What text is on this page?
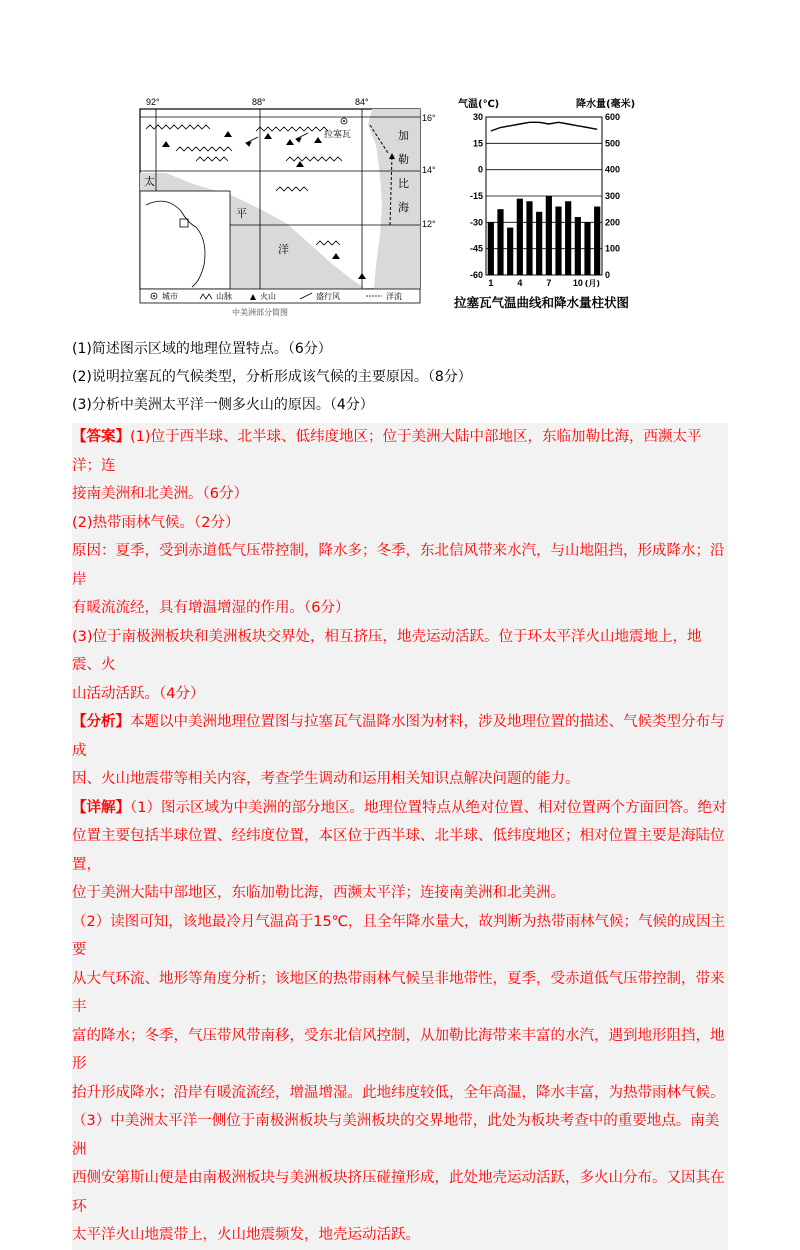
92°	88°	84°
16°
14°
12°
拉塞瓦	加
勒
比
海
太
平
洋
城市	山脉	火山	盛行风	洋流
中美洲部分简图
气温(℃)	降水量(毫米)
30
15
0
-15
-30
-45
-60
600
500
400
300
200
100
0
1	4	7 10 (月)
拉塞瓦气温曲线和降水量柱状图

(1)简述图示区域的地理位置特点。（6分）

(2)说明拉塞瓦的气候类型，分析形成该气候的主要原因。（8分）

(3)分析中美洲太平洋一侧多火山的原因。（4分）

【答案】(1)位于西半球、北半球、低纬度地区；位于美洲大陆中部地区，东临加勒比海，西濒太平洋；连

接南美洲和北美洲。（6分）

(2)热带雨林气候。（2分）

原因：夏季，受到赤道低气压带控制，降水多；冬季，东北信风带来水汽，与山地阻挡，形成降水；沿岸

有暖流流经，具有增温增湿的作用。（6分）

(3)位于南极洲板块和美洲板块交界处，相互挤压，地壳运动活跃。位于环太平洋火山地震地上，地震、火

山活动活跃。（4分）

【分析】本题以中美洲地理位置图与拉塞瓦气温降水图为材料，涉及地理位置的描述、气候类型分布与成

因、火山地震带等相关内容，考查学生调动和运用相关知识点解决问题的能力。

【详解】（1）图示区域为中美洲的部分地区。地理位置特点从绝对位置、相对位置两个方面回答。绝对

位置主要包括半球位置、经纬度位置，本区位于西半球、北半球、低纬度地区；相对位置主要是海陆位置，

位于美洲大陆中部地区，东临加勒比海，西濒太平洋；连接南美洲和北美洲。

（2）读图可知，该地最冷月气温高于15℃，且全年降水量大，故判断为热带雨林气候；气候的成因主要

从大气环流、地形等角度分析；该地区的热带雨林气候呈非地带性，夏季，受赤道低气压带控制，带来丰

富的降水；冬季，气压带风带南移，受东北信风控制，从加勒比海带来丰富的水汽，遇到地形阻挡，地形

抬升形成降水；沿岸有暖流流经，增温增湿。此地纬度较低，全年高温，降水丰富，为热带雨林气候。

（3）中美洲太平洋一侧位于南极洲板块与美洲板块的交界地带，此处为板块考查中的重要地点。南美洲

西侧安第斯山便是由南极洲板块与美洲板块挤压碰撞形成，此处地壳运动活跃，多火山分布。又因其在环

太平洋火山地震带上，火山地震频发，地壳运动活跃。
